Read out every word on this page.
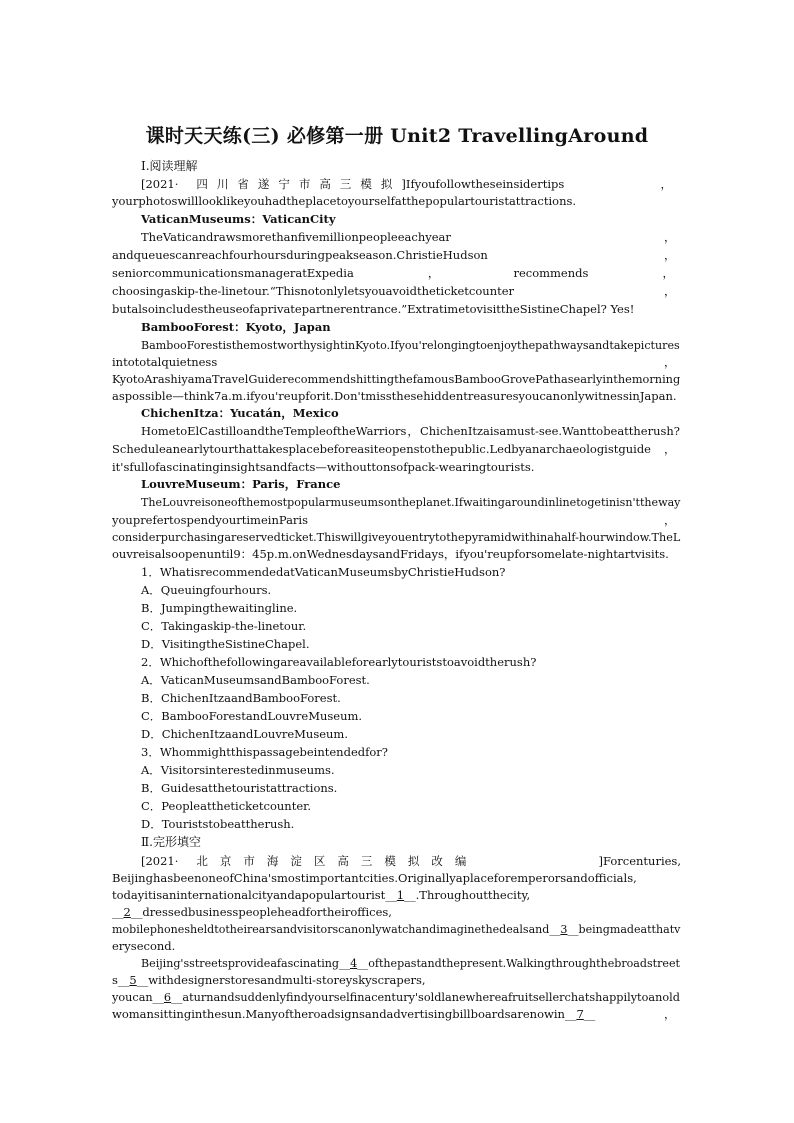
课时天天练(三) 必修第一册 Unit2 TravellingAround
Ⅰ.阅读理解
[2021· 四川省遂宁市高三模拟 ]Ifyoufollowtheseinsidertips	，
yourphotoswilllooklikeyouhadtheplacetoyourselfatthepopulartouristattractions.
VaticanMuseums：VaticanCity
TheVaticandrawsmorethanfivemillionpeopleeachyear	，
andqueuescanreachfourhoursduringpeakseason.ChristieHudson	，
seniorcommunicationsmanageratExpedia	，	recommends	，
choosingaskip-the-linetour.“Thisnotonlyletsyouavoidtheticketcounter	，
butalsoincludestheuseofaprivatepartnerentrance.”ExtratimetovisittheSistineChapel? Yes!
BambooForest：Kyoto，Japan
BambooForestisthemostworthysightinKyoto.Ifyou'relongingtoenjoythepathwaysandtakepictures
intototalquietness	，
KyotoArashiyamaTravelGuiderecommendshittingthefamousBambooGrovePathasearlyinthemorning
aspossible—think7a.m.ifyou'reupforit.Don'tmissthesehiddentreasuresyoucanonlywitnessinJapan.
ChichenItza：Yucatán，Mexico
HometoElCastilloandtheTempleoftheWarriors ， ChichenItzaisamust-see.Wanttobeattherush?
Scheduleanearlytourthattakesplacebeforeasiteopenstothepublic.Ledbyanarchaeologistguide ，
it'sfullofascinatinginsightsandfacts—withouttonsofpack-wearingtourists.
LouvreMuseum：Paris，France
TheLouvreisoneofthemostpopularmuseumsontheplanet.Ifwaitingaroundinlinetogetinisn'ttheway
youprefertospendyourtimeinParis	，
considerpurchasingareservedticket.Thiswillgiveyouentrytothepyramidwithinahalf-hourwindow.TheL
ouvreisalsoopenuntil9：45p.m.onWednesdaysandFridays，ifyou'reupforsomelate-nightartvisits.
1．WhatisrecommendedatVaticanMuseumsbyChristieHudson?
A．Queuingfourhours.
B．Jumpingthewaitingline.
C．Takingaskip-the-linetour.
D．VisitingtheSistineChapel.
2．Whichofthefollowingareavailableforearlytouriststoavoidtherush?
A．VaticanMuseumsandBambooForest.
B．ChichenItzaandBambooForest.
C．BambooForestandLouvreMuseum.
D．ChichenItzaandLouvreMuseum.
3．Whommightthispassagebeintendedfor?
A．Visitorsinterestedinmuseums.
B．Guidesatthetouristattractions.
C．Peopleattheticketcounter.
D．Touriststobeattherush.
Ⅱ.完形填空
[2021· 北京市海淀区高三模拟改编	]Forcenturies,
BeijinghasbeenoneofChina'smostimportantcities.Originallyaplaceforemperorsandofficials,
todayitisaninternationalcityandapopulartourist__1__.Throughoutthecity,
__2__dressedbusinesspeopleheadfortheiroffices,
mobilephonesheldtotheirearsandvisitorscanonlywatchandimaginethedealsand__3__beingmadeatthatv
erysecond.
Beijing'sstreetsprovideafascinating__4__ofthepastandthepresent.Walkingthroughthebroadstreet
s__5__withdesignerstoresandmulti-storeyskyscrapers,
youcan__6__aturnandsuddenlyfindyourselfinacentury'soldlanewhereafruitsellerchatshappilytoanold
womansittinginthesun.Manyoftheroadsignsandadvertisingbillboardsarenowin__7__	，
